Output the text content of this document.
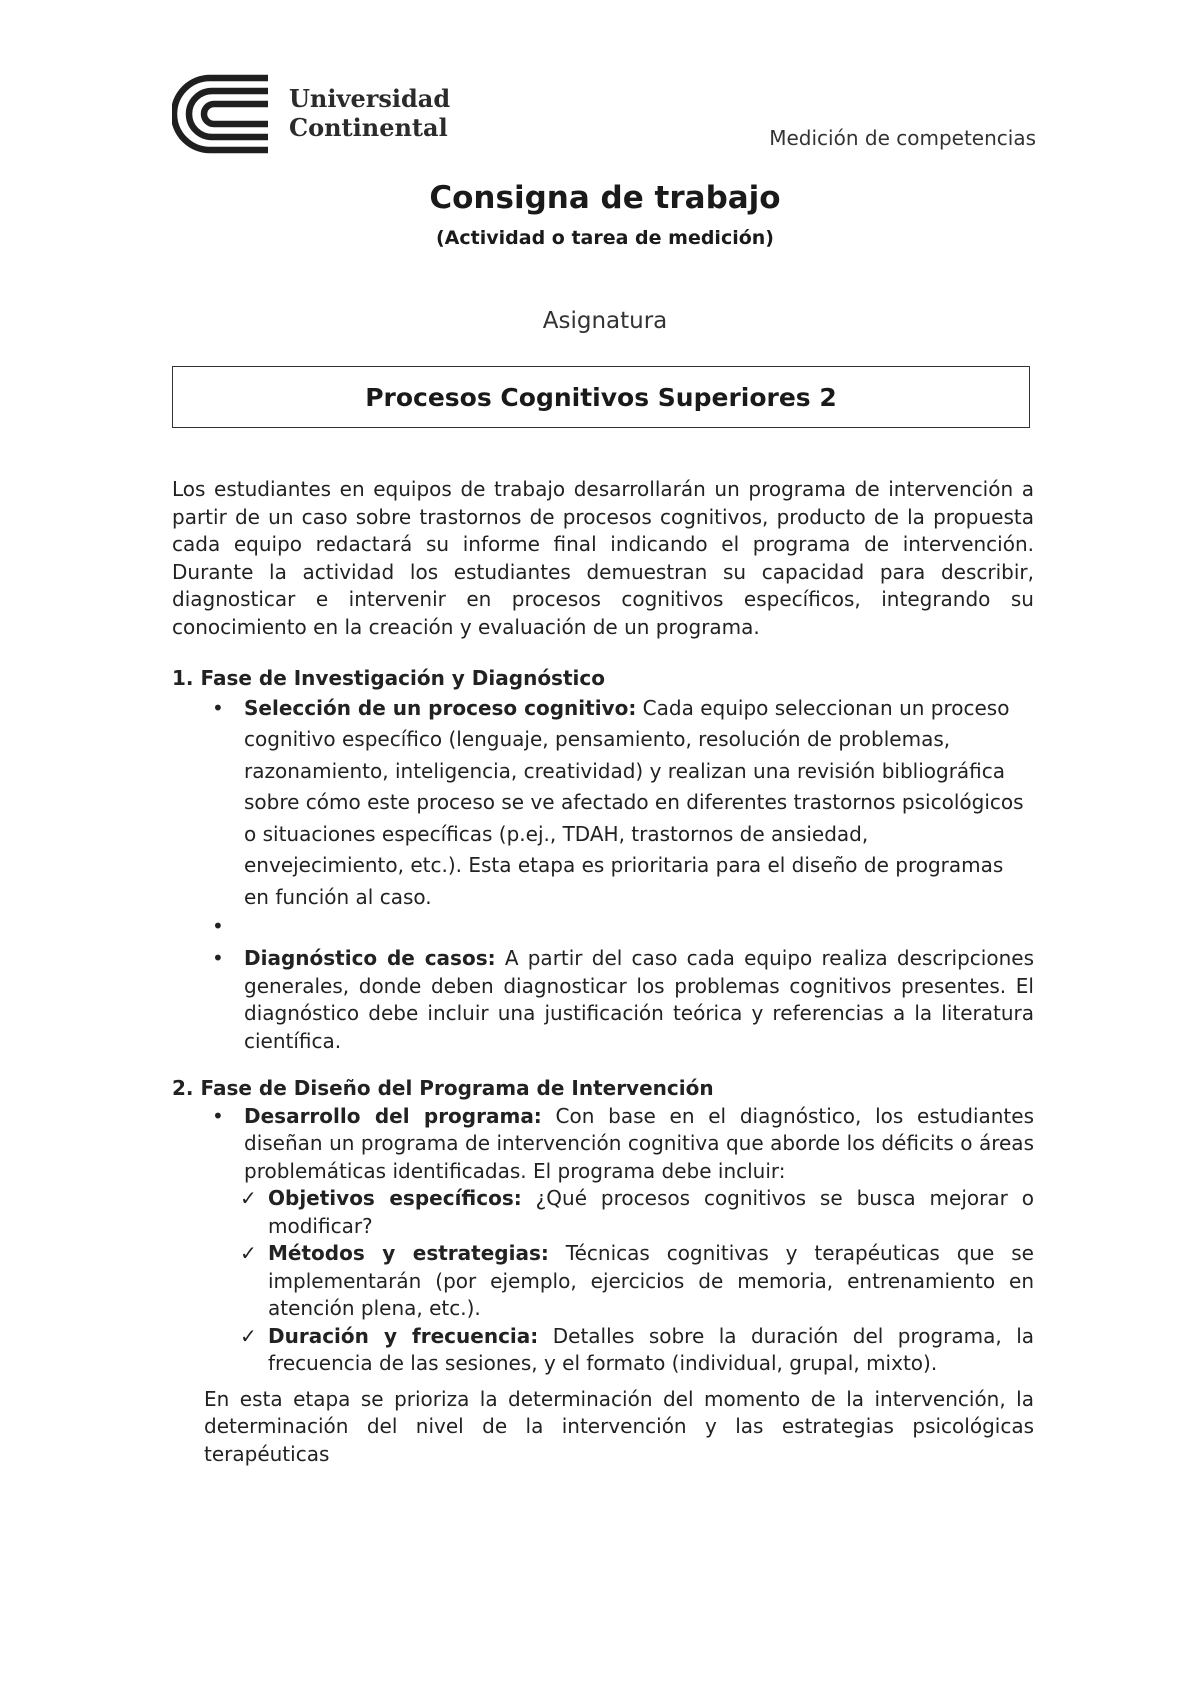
Universidad
Continental	Medición de competencias
Consigna de trabajo
(Actividad o tarea de medición)
Asignatura
Procesos Cognitivos Superiores 2

Los estudiantes en equipos de trabajo desarrollarán un programa de intervención a partir de un caso sobre trastornos de procesos cognitivos, producto de la propuesta cada equipo redactará su informe final indicando el programa de intervención. Durante la actividad los estudiantes demuestran su capacidad para describir, diagnosticar e intervenir en procesos cognitivos específicos, integrando su conocimiento en la creación y evaluación de un programa.

1. Fase de Investigación y Diagnóstico

• Selección de un proceso cognitivo: Cada equipo seleccionan un proceso cognitivo específico (lenguaje, pensamiento, resolución de problemas, razonamiento, inteligencia, creatividad) y realizan una revisión bibliográfica sobre cómo este proceso se ve afectado en diferentes trastornos psicológicos o situaciones específicas (p.ej., TDAH, trastornos de ansiedad, envejecimiento, etc.). Esta etapa es prioritaria para el diseño de programas en función al caso.
•
• Diagnóstico de casos: A partir del caso cada equipo realiza descripciones generales, donde deben diagnosticar los problemas cognitivos presentes. El diagnóstico debe incluir una justificación teórica y referencias a la literatura científica.

2. Fase de Diseño del Programa de Intervención

• Desarrollo del programa: Con base en el diagnóstico, los estudiantes diseñan un programa de intervención cognitiva que aborde los déficits o áreas problemáticas identificadas. El programa debe incluir:
✓ Objetivos específicos: ¿Qué procesos cognitivos se busca mejorar o modificar?
✓ Métodos y estrategias: Técnicas cognitivas y terapéuticas que se implementarán (por ejemplo, ejercicios de memoria, entrenamiento en atención plena, etc.).
✓ Duración y frecuencia: Detalles sobre la duración del programa, la frecuencia de las sesiones, y el formato (individual, grupal, mixto).

En esta etapa se prioriza la determinación del momento de la intervención, la determinación del nivel de la intervención y las estrategias psicológicas terapéuticas
